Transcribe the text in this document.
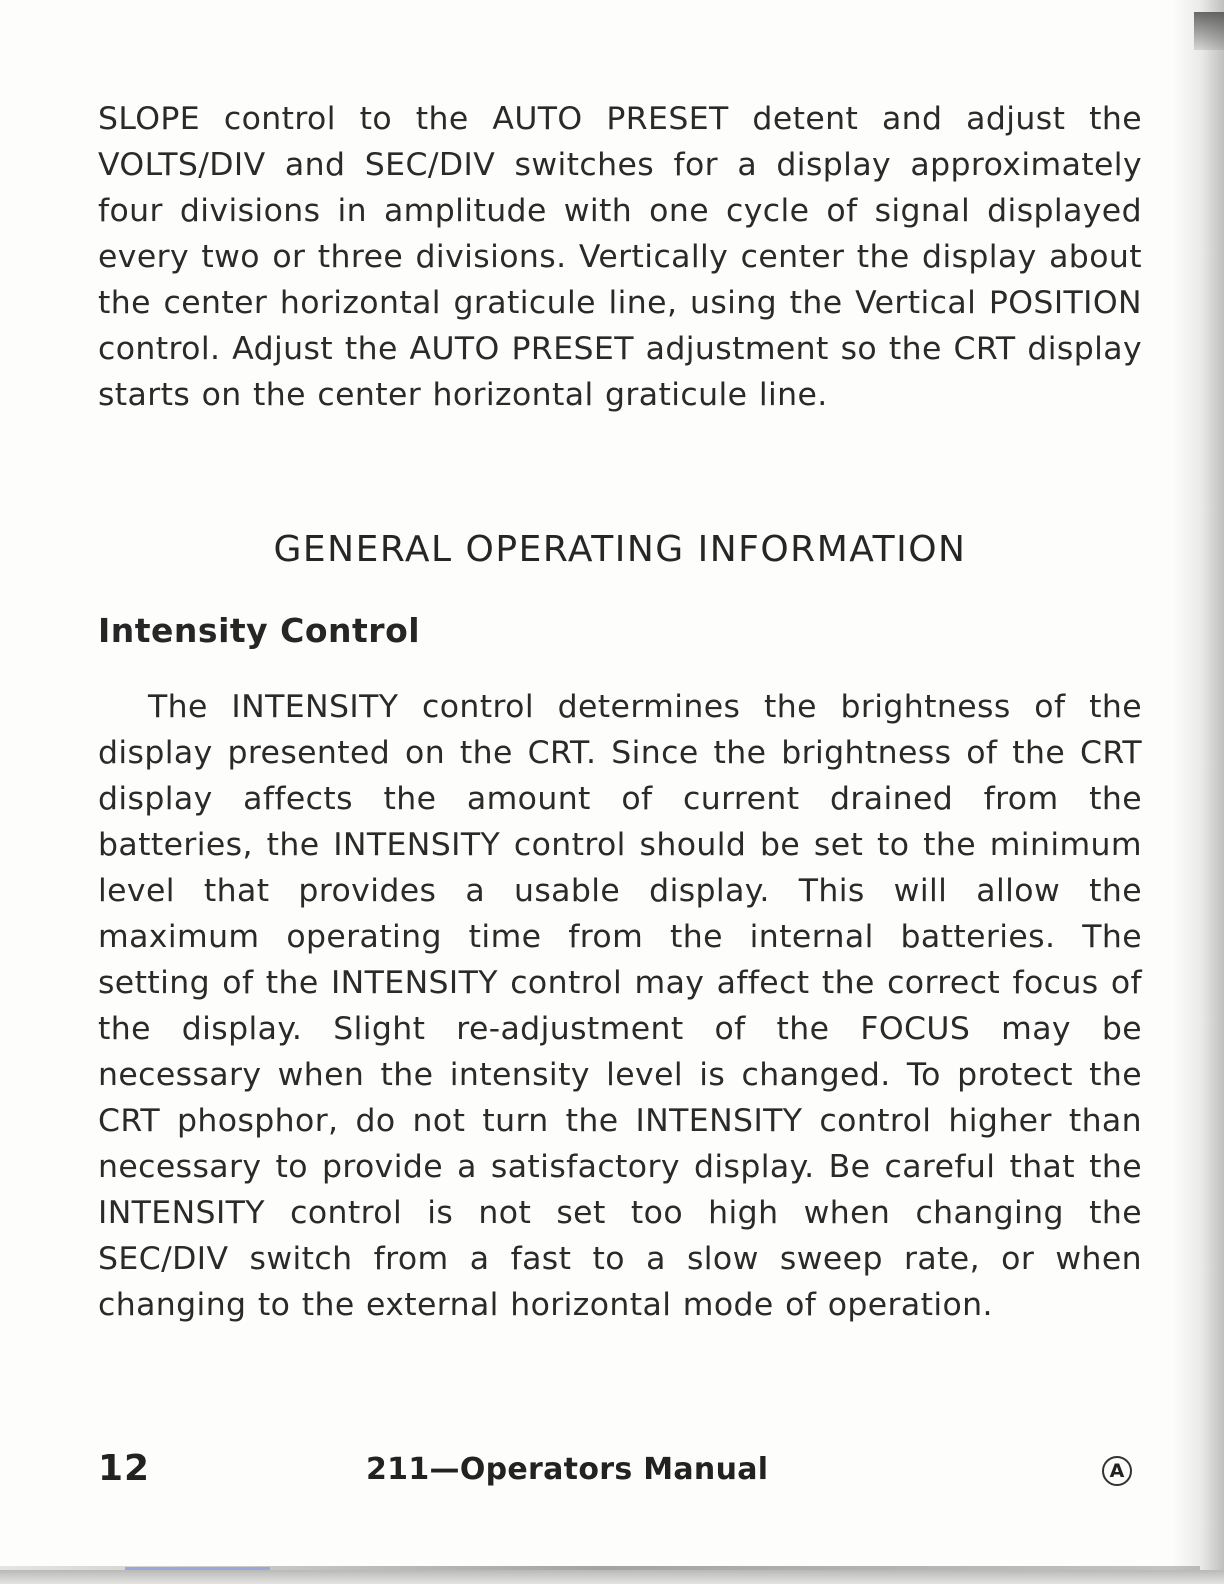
SLOPE control to the AUTO PRESET detent and adjust the VOLTS/DIV and SEC/DIV switches for a display approximately four divisions in amplitude with one cycle of signal displayed every two or three divisions. Vertically center the display about the center horizontal graticule line, using the Vertical POSITION control. Adjust the AUTO PRESET adjustment so the CRT display starts on the center horizontal graticule line.

GENERAL OPERATING INFORMATION
Intensity Control

The INTENSITY control determines the brightness of the display presented on the CRT. Since the brightness of the CRT display affects the amount of current drained from the batteries, the INTENSITY control should be set to the minimum level that provides a usable display. This will allow the maximum operating time from the internal batteries. The setting of the INTENSITY control may affect the correct focus of the display. Slight re-adjustment of the FOCUS may be necessary when the intensity level is changed. To protect the CRT phosphor, do not turn the INTENSITY control higher than necessary to provide a satisfactory display. Be careful that the INTENSITY control is not set too high when changing the SEC/DIV switch from a fast to a slow sweep rate, or when changing to the external horizontal mode of operation.

12	211—Operators Manual	A
